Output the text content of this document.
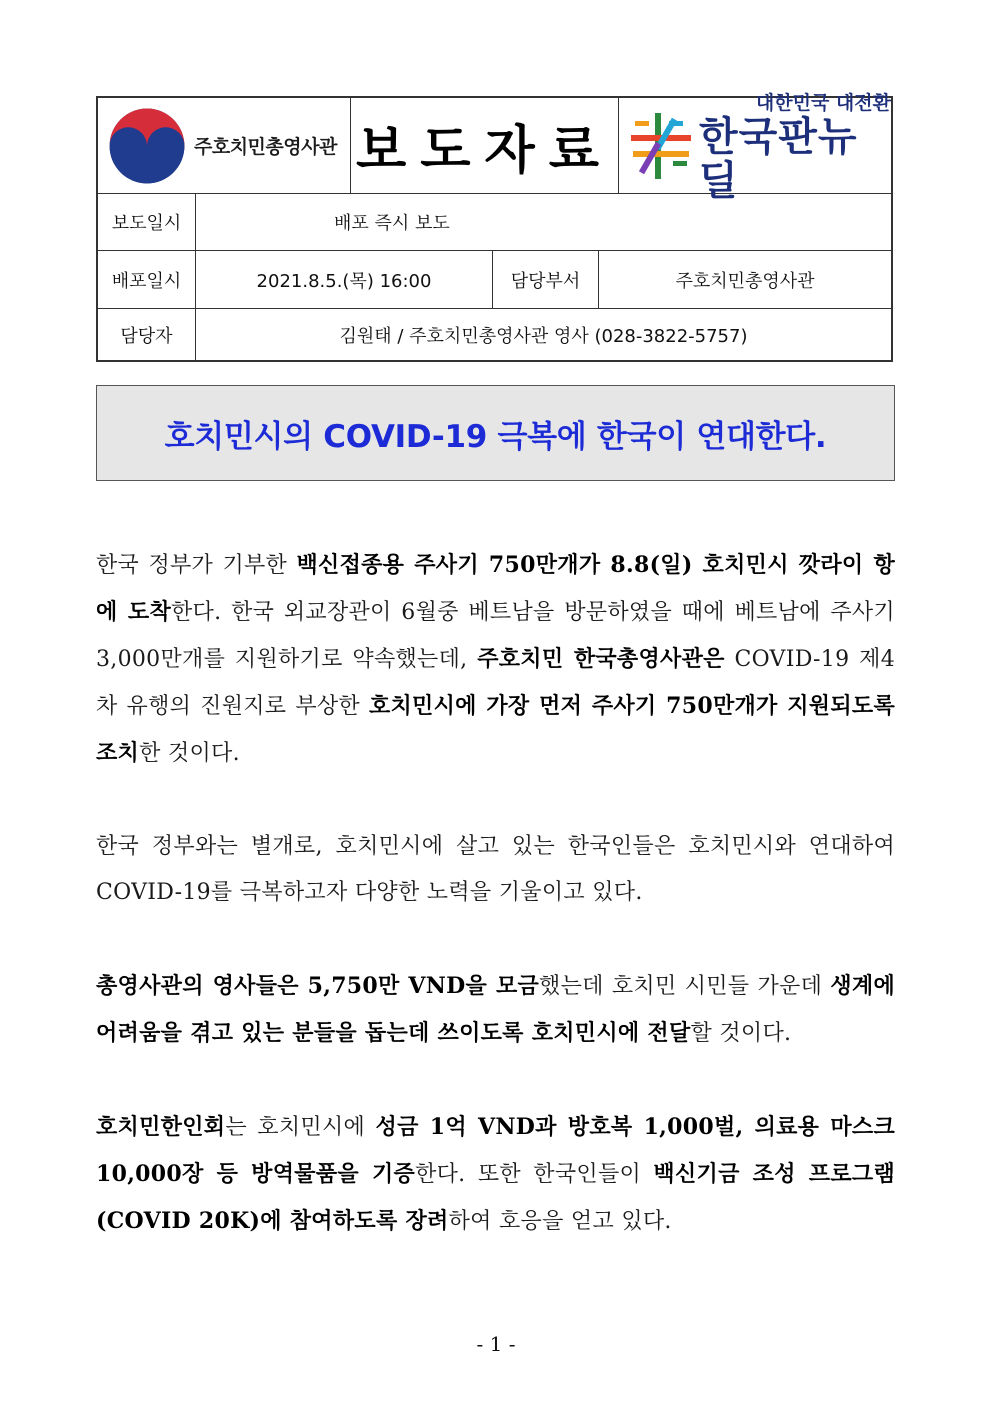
주호치민총영사관 보도자료
대한민국 대전환
한국판뉴딜
보도일시	배포 즉시 보도
배포일시	2021.8.5.(목) 16:00	담당부서	주호치민총영사관
담당자	김원태 / 주호치민총영사관 영사 (028-3822-5757)
호치민시의 COVID-19 극복에 한국이 연대한다.

한국 정부가 기부한 백신접종용 주사기 750만개가 8.8(일) 호치민시 깟라이 항에 도착한다. 한국 외교장관이 6월중 베트남을 방문하였을 때에 베트남에 주사기 3,000만개를 지원하기로 약속했는데, 주호치민 한국총영사관은 COVID-19 제4차 유행의 진원지로 부상한 호치민시에 가장 먼저 주사기 750만개가 지원되도록 조치한 것이다.

한국 정부와는 별개로, 호치민시에 살고 있는 한국인들은 호치민시와 연대하여 COVID-19를 극복하고자 다양한 노력을 기울이고 있다.

총영사관의 영사들은 5,750만 VND을 모금했는데 호치민 시민들 가운데 생계에 어려움을 겪고 있는 분들을 돕는데 쓰이도록 호치민시에 전달할 것이다.

호치민한인회는 호치민시에 성금 1억 VND과 방호복 1,000벌, 의료용 마스크 10,000장 등 방역물품을 기증한다. 또한 한국인들이 백신기금 조성 프로그램(COVID 20K)에 참여하도록 장려하여 호응을 얻고 있다.

- 1 -
